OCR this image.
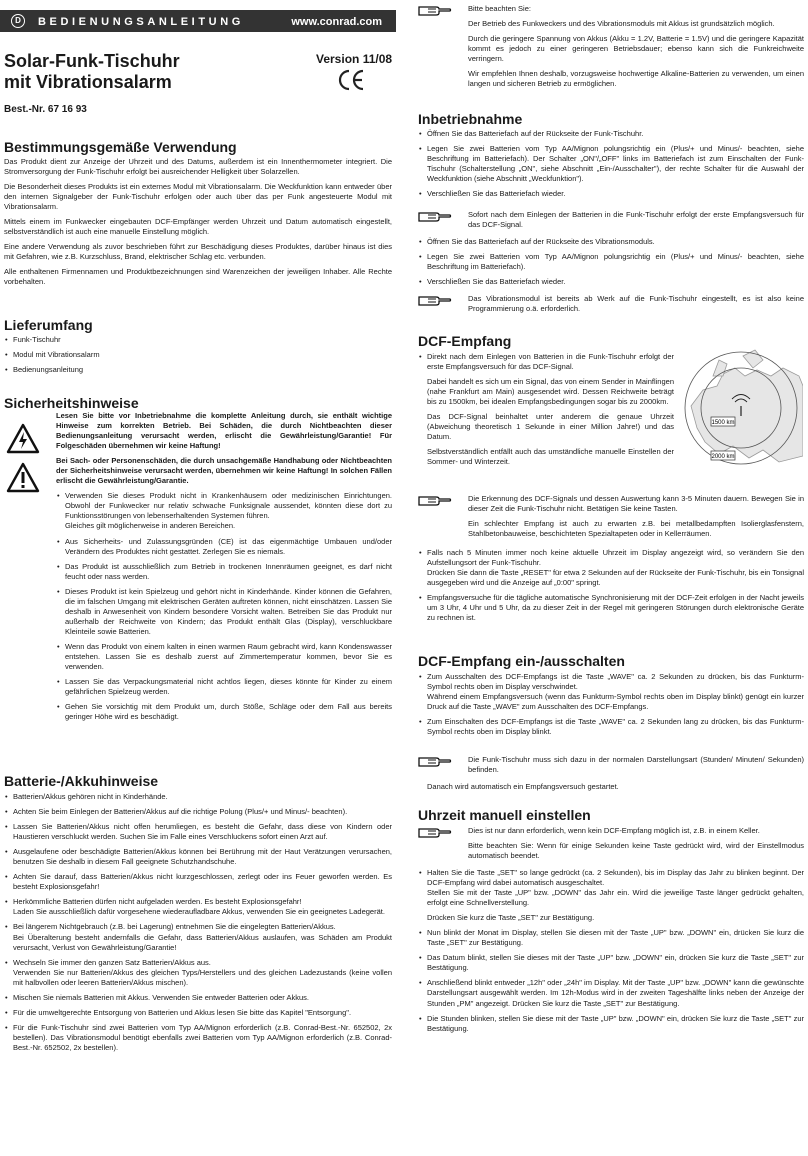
D	BEDIENUNGSANLEITUNG	www.conrad.com
Solar-Funk-Tischuhr
mit Vibrationsalarm
Version 11/08
Best.-Nr. 67 16 93
Bestimmungsgemäße Verwendung

Das Produkt dient zur Anzeige der Uhrzeit und des Datums, außerdem ist ein Innenthermometer integriert. Die Stromversorgung der Funk-Tischuhr erfolgt bei ausreichender Helligkeit über Solarzellen.

Die Besonderheit dieses Produkts ist ein externes Modul mit Vibrationsalarm. Die Weckfunktion kann entweder über den internen Signalgeber der Funk-Tischuhr erfolgen oder auch über das per Funk angesteuerte Modul mit Vibrationsalarm.

Mittels einem im Funkwecker eingebauten DCF-Empfänger werden Uhrzeit und Datum automatisch eingestellt, selbstverständlich ist auch eine manuelle Einstellung möglich.

Eine andere Verwendung als zuvor beschrieben führt zur Beschädigung dieses Produktes, darüber hinaus ist dies mit Gefahren, wie z.B. Kurzschluss, Brand, elektrischer Schlag etc. verbunden.

Alle enthaltenen Firmennamen und Produktbezeichnungen sind Warenzeichen der jeweiligen Inhaber. Alle Rechte vorbehalten.

Lieferumfang
• Funk-Tischuhr
• Modul mit Vibrationsalarm
• Bedienungsanleitung
Sicherheitshinweise

Lesen Sie bitte vor Inbetriebnahme die komplette Anleitung durch, sie enthält wichtige Hinweise zum korrekten Betrieb. Bei Schäden, die durch Nichtbeachten dieser Bedienungsanleitung verursacht werden, erlischt die Gewährleistung/Garantie! Für Folgeschäden übernehmen wir keine Haftung!

Bei Sach- oder Personenschäden, die durch unsachgemäße Handhabung oder Nichtbeachten der Sicherheitshinweise verursacht werden, übernehmen wir keine Haftung! In solchen Fällen erlischt die Gewährleistung/Garantie.

• Verwenden Sie dieses Produkt nicht in Krankenhäusern oder medizinischen Einrichtungen. Obwohl der Funkwecker nur relativ schwache Funksignale aussendet, könnten diese dort zu Funktionsstörungen von lebenserhaltenden Systemen führen.

Gleiches gilt möglicherweise in anderen Bereichen.

• Aus Sicherheits- und Zulassungsgründen (CE) ist das eigenmächtige Umbauen und/oder Verändern des Produktes nicht gestattet. Zerlegen Sie es niemals.
• Das Produkt ist ausschließlich zum Betrieb in trockenen Innenräumen geeignet, es darf nicht feucht oder nass werden.
• Dieses Produkt ist kein Spielzeug und gehört nicht in Kinderhände. Kinder können die Gefahren, die im falschen Umgang mit elektrischen Geräten auftreten können, nicht einschätzen. Lassen Sie deshalb in Anwesenheit von Kindern besondere Vorsicht walten. Betreiben Sie das Produkt nur außerhalb der Reichweite von Kindern; das Produkt enthält Glas (Display), verschluckbare Kleinteile sowie Batterien.
• Wenn das Produkt von einem kalten in einen warmen Raum gebracht wird, kann Kondenswasser entstehen. Lassen Sie es deshalb zuerst auf Zimmertemperatur kommen, bevor Sie es verwenden.
• Lassen Sie das Verpackungsmaterial nicht achtlos liegen, dieses könnte für Kinder zu einem gefährlichen Spielzeug werden.
• Gehen Sie vorsichtig mit dem Produkt um, durch Stöße, Schläge oder dem Fall aus bereits geringer Höhe wird es beschädigt.
Batterie-/Akkuhinweise
• Batterien/Akkus gehören nicht in Kinderhände.
• Achten Sie beim Einlegen der Batterien/Akkus auf die richtige Polung (Plus/+ und Minus/- beachten).
• Lassen Sie Batterien/Akkus nicht offen herumliegen, es besteht die Gefahr, dass diese von Kindern oder Haustieren verschluckt werden. Suchen Sie im Falle eines Verschluckens sofort einen Arzt auf.
• Ausgelaufene oder beschädigte Batterien/Akkus können bei Berührung mit der Haut Verätzungen verursachen, benutzen Sie deshalb in diesem Fall geeignete Schutzhandschuhe.
• Achten Sie darauf, dass Batterien/Akkus nicht kurzgeschlossen, zerlegt oder ins Feuer geworfen werden. Es besteht Explosionsgefahr!
• Herkömmliche Batterien dürfen nicht aufgeladen werden. Es besteht Explosionsgefahr!

Laden Sie ausschließlich dafür vorgesehene wiederaufladbare Akkus, verwenden Sie ein geeignetes Ladegerät.

• Bei längerem Nichtgebrauch (z.B. bei Lagerung) entnehmen Sie die eingelegten Batterien/Akkus.

Bei Überalterung besteht andernfalls die Gefahr, dass Batterien/Akkus auslaufen, was Schäden am Produkt verursacht, Verlust von Gewährleistung/Garantie!

• Wechseln Sie immer den ganzen Satz Batterien/Akkus aus.

Verwenden Sie nur Batterien/Akkus des gleichen Typs/Herstellers und des gleichen Ladezustands (keine vollen mit halbvollen oder leeren Batterien/Akkus mischen).

• Mischen Sie niemals Batterien mit Akkus. Verwenden Sie entweder Batterien oder Akkus.
• Für die umweltgerechte Entsorgung von Batterien und Akkus lesen Sie bitte das Kapitel "Entsorgung".
• Für die Funk-Tischuhr sind zwei Batterien vom Typ AA/Mignon erforderlich (z.B. Conrad-Best.-Nr. 652502, 2x bestellen). Das Vibrationsmodul benötigt ebenfalls zwei Batterien vom Typ AA/Mignon erforderlich (z.B. Conrad-Best.-Nr. 652502, 2x bestellen).

Bitte beachten Sie:

Der Betrieb des Funkweckers und des Vibrationsmoduls mit Akkus ist grundsätzlich möglich.

Durch die geringere Spannung von Akkus (Akku = 1.2V, Batterie = 1.5V) und die geringere Kapazität kommt es jedoch zu einer geringeren Betriebsdauer; ebenso kann sich die Funkreichweite verringern.

Wir empfehlen Ihnen deshalb, vorzugsweise hochwertige Alkaline-Batterien zu verwenden, um einen langen und sicheren Betrieb zu ermöglichen.

Inbetriebnahme
• Öffnen Sie das Batteriefach auf der Rückseite der Funk-Tischuhr.
• Legen Sie zwei Batterien vom Typ AA/Mignon polungsrichtig ein (Plus/+ und Minus/- beachten, siehe Beschriftung im Batteriefach). Der Schalter „ON"/„OFF" links im Batteriefach ist zum Einschalten der Funk-Tischuhr (Schalterstellung „ON", siehe Abschnitt „Ein-/Ausschalter"), der rechte Schalter für die Auswahl der Weckfunktion (siehe Abschnitt „Weckfunktion").
• Verschließen Sie das Batteriefach wieder.

Sofort nach dem Einlegen der Batterien in die Funk-Tischuhr erfolgt der erste Empfangsversuch für das DCF-Signal.

• Öffnen Sie das Batteriefach auf der Rückseite des Vibrationsmoduls.
• Legen Sie zwei Batterien vom Typ AA/Mignon polungsrichtig ein (Plus/+ und Minus/- beachten, siehe Beschriftung im Batteriefach).
• Verschließen Sie das Batteriefach wieder.

Das Vibrationsmodul ist bereits ab Werk auf die Funk-Tischuhr eingestellt, es ist also keine Programmierung o.ä. erforderlich.

DCF-Empfang
• Direkt nach dem Einlegen von Batterien in die Funk-Tischuhr erfolgt der erste Empfangsversuch für das DCF-Signal.

Dabei handelt es sich um ein Signal, das von einem Sender in Mainflingen (nahe Frankfurt am Main) ausgesendet wird. Dessen Reichweite beträgt bis zu 1500km, bei idealen Empfangsbedingungen sogar bis zu 2000km.

Das DCF-Signal beinhaltet unter anderem die genaue Uhrzeit (Abweichung theoretisch 1 Sekunde in einer Million Jahre!) und das Datum.

Selbstverständlich entfällt auch das umständliche manuelle Einstellen der Sommer- und Winterzeit.

1500 km
2000 km

Die Erkennung des DCF-Signals und dessen Auswertung kann 3-5 Minuten dauern. Bewegen Sie in dieser Zeit die Funk-Tischuhr nicht. Betätigen Sie keine Tasten.

Ein schlechter Empfang ist auch zu erwarten z.B. bei metallbedampften Isolierglasfenstern, Stahlbetonbauweise, beschichteten Spezialtapeten oder in Kellerräumen.

• Falls nach 5 Minuten immer noch keine aktuelle Uhrzeit im Display angezeigt wird, so verändern Sie den Aufstellungsort der Funk-Tischuhr.

Drücken Sie dann die Taste „RESET" für etwa 2 Sekunden auf der Rückseite der Funk-Tischuhr, bis ein Tonsignal ausgegeben wird und die Anzeige auf „0:00" springt.

• Empfangsversuche für die tägliche automatische Synchronisierung mit der DCF-Zeit erfolgen in der Nacht jeweils um 3 Uhr, 4 Uhr und 5 Uhr, da zu dieser Zeit in der Regel mit geringeren Störungen durch elektronische Geräte zu rechnen ist.
DCF-Empfang ein-/ausschalten
• Zum Ausschalten des DCF-Empfangs ist die Taste „WAVE" ca. 2 Sekunden zu drücken, bis das Funkturm-Symbol rechts oben im Display verschwindet.

Während einem Empfangsversuch (wenn das Funkturm-Symbol rechts oben im Display blinkt) genügt ein kurzer Druck auf die Taste „WAVE" zum Ausschalten des DCF-Empfangs.

• Zum Einschalten des DCF-Empfangs ist die Taste „WAVE" ca. 2 Sekunden lang zu drücken, bis das Funkturm-Symbol rechts oben im Display blinkt.

Die Funk-Tischuhr muss sich dazu in der normalen Darstellungsart (Stunden/ Minuten/ Sekunden) befinden.

Danach wird automatisch ein Empfangsversuch gestartet.

Uhrzeit manuell einstellen

Dies ist nur dann erforderlich, wenn kein DCF-Empfang möglich ist, z.B. in einem Keller.

Bitte beachten Sie: Wenn für einige Sekunden keine Taste gedrückt wird, wird der Einstellmodus automatisch beendet.

• Halten Sie die Taste „SET" so lange gedrückt (ca. 2 Sekunden), bis im Display das Jahr zu blinken beginnt. Der DCF-Empfang wird dabei automatisch ausgeschaltet.

Stellen Sie mit der Taste „UP" bzw. „DOWN" das Jahr ein. Wird die jeweilige Taste länger gedrückt gehalten, erfolgt eine Schnellverstellung.

Drücken Sie kurz die Taste „SET" zur Bestätigung.

• Nun blinkt der Monat im Display, stellen Sie diesen mit der Taste „UP" bzw. „DOWN" ein, drücken Sie kurz die Taste „SET" zur Bestätigung.
• Das Datum blinkt, stellen Sie dieses mit der Taste „UP" bzw. „DOWN" ein, drücken Sie kurz die Taste „SET" zur Bestätigung.
• Anschließend blinkt entweder „12h" oder „24h" im Display. Mit der Taste „UP" bzw. „DOWN" kann die gewünschte Darstellungsart ausgewählt werden. Im 12h-Modus wird in der zweiten Tageshälfte links neben der Anzeige der Stunden „PM" angezeigt. Drücken Sie kurz die Taste „SET" zur Bestätigung.
• Die Stunden blinken, stellen Sie diese mit der Taste „UP" bzw. „DOWN" ein, drücken Sie kurz die Taste „SET" zur Bestätigung.
